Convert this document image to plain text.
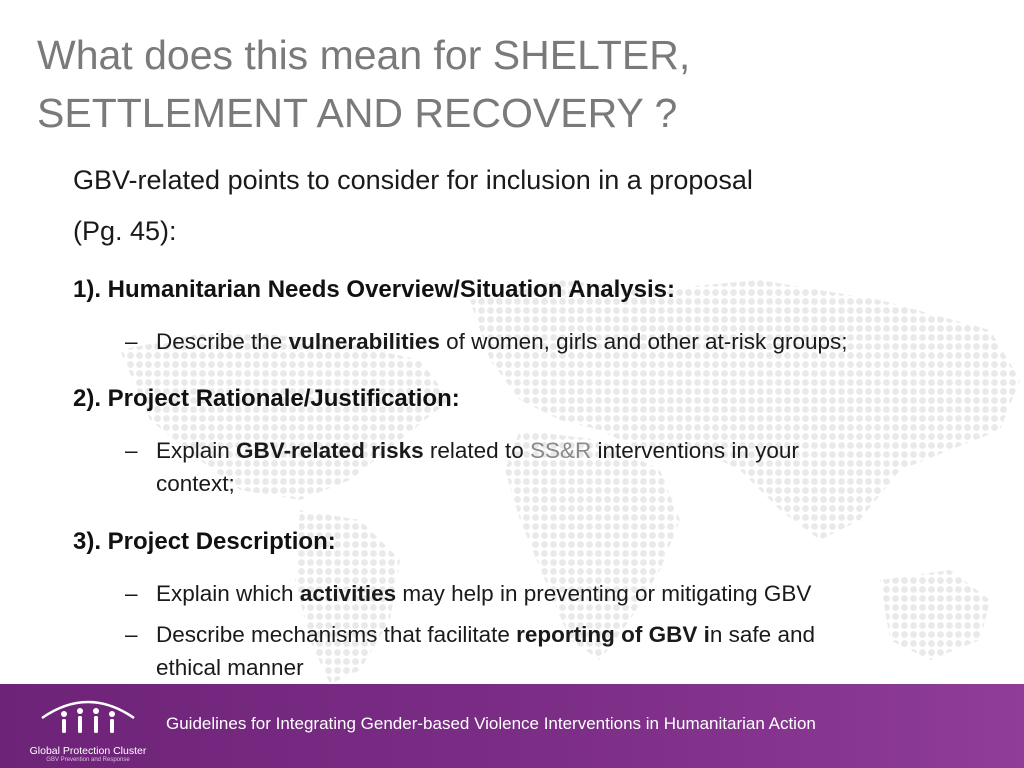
What does this mean for SHELTER,
SETTLEMENT AND RECOVERY ?
GBV-related points to consider for inclusion in a proposal
(Pg. 45):
1). Humanitarian Needs Overview/Situation Analysis:
– Describe the vulnerabilities of women, girls and other at-risk groups;
2). Project Rationale/Justification:
– Explain GBV-related risks related to SS&R interventions in your
context;
3). Project Description:
– Explain which activities may help in preventing or mitigating GBV
– Describe mechanisms that facilitate reporting of GBV in safe and
ethical manner
Global Protection Cluster
GBV Prevention and Response
Guidelines for Integrating Gender-based Violence Interventions in Humanitarian Action
